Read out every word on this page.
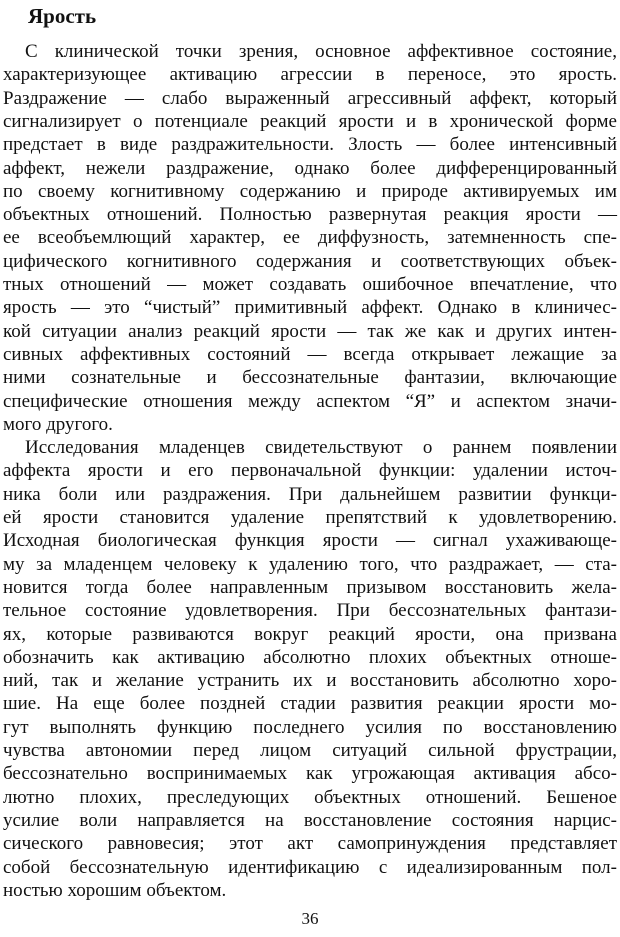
Ярость
С клинической точки зрения, основное аффективное состояние,
характеризующее активацию агрессии в переносе, это ярость.
Раздражение — слабо выраженный агрессивный аффект, который
сигнализирует о потенциале реакций ярости и в хронической форме
предстает в виде раздражительности. Злость — более интенсивный
аффект, нежели раздражение, однако более дифференцированный
по своему когнитивному содержанию и природе активируемых им
объектных отношений. Полностью развернутая реакция ярости —
ее всеобъемлющий характер, ее диффузность, затемненность спе-
цифического когнитивного содержания и соответствующих объек-
тных отношений — может создавать ошибочное впечатление, что
ярость — это “чистый” примитивный аффект. Однако в клиничес-
кой ситуации анализ реакций ярости — так же как и других интен-
сивных аффективных состояний — всегда открывает лежащие за
ними сознательные и бессознательные фантазии, включающие
специфические отношения между аспектом “Я” и аспектом значи-
мого другого.
Исследования младенцев свидетельствуют о раннем появлении
аффекта ярости и его первоначальной функции: удалении источ-
ника боли или раздражения. При дальнейшем развитии функци-
ей ярости становится удаление препятствий к удовлетворению.
Исходная биологическая функция ярости — сигнал ухаживающе-
му за младенцем человеку к удалению того, что раздражает, — ста-
новится тогда более направленным призывом восстановить жела-
тельное состояние удовлетворения. При бессознательных фантази-
ях, которые развиваются вокруг реакций ярости, она призвана
обозначить как активацию абсолютно плохих объектных отноше-
ний, так и желание устранить их и восстановить абсолютно хоро-
шие. На еще более поздней стадии развития реакции ярости мо-
гут выполнять функцию последнего усилия по восстановлению
чувства автономии перед лицом ситуаций сильной фрустрации,
бессознательно воспринимаемых как угрожающая активация абсо-
лютно плохих, преследующих объектных отношений. Бешеное
усилие воли направляется на восстановление состояния нарцис-
сического равновесия; этот акт самопринуждения представляет
собой бессознательную идентификацию с идеализированным пол-
ностью хорошим объектом.
36
